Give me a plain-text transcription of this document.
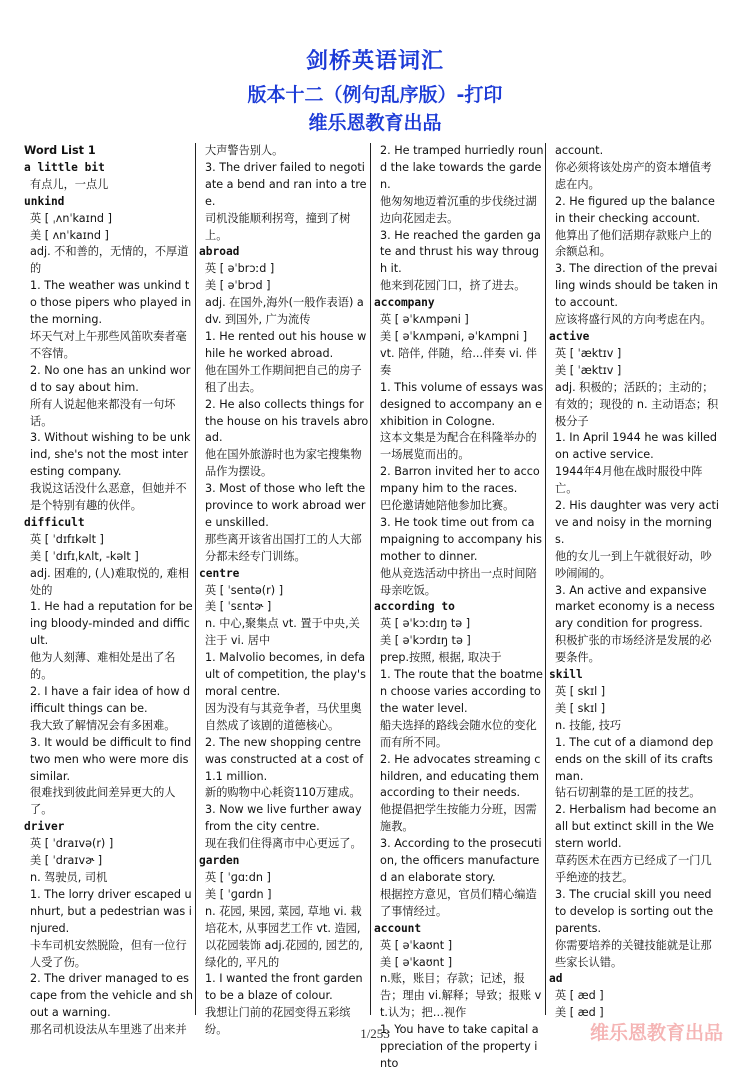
剑桥英语词汇
版本十二（例句乱序版）-打印
维乐恩教育出品
Word List 1
a little bit
有点儿，一点儿
unkind
英 [ ˌʌnˈkaɪnd ]
美 [ ʌnˈkaɪnd ]
adj. 不和善的，无情的，不厚道的
1. The weather was unkind to those pipers who played in the morning.
坏天气对上午那些风笛吹奏者毫不容情。
2. No one has an unkind word to say about him.
所有人说起他来都没有一句坏话。
3. Without wishing to be unkind, she's not the most interesting company.
我说这话没什么恶意，但她并不是个特别有趣的伙伴。
difficult
英 [ ˈdɪfɪkəlt ]
美 [ ˈdɪfɪˌkʌlt, -kəlt ]
adj. 困难的, (人)难取悦的, 难相处的
1. He had a reputation for being bloody-minded and difficult.
他为人刻薄、难相处是出了名的。
2. I have a fair idea of how difficult things can be.
我大致了解情况会有多困难。
3. It would be difficult to find two men who were more dissimilar.
很难找到彼此间差异更大的人了。
driver
英 [ ˈdraɪvə(r) ]
美 [ ˈdraɪvɚ ]
n. 驾驶员, 司机
1. The lorry driver escaped unhurt, but a pedestrian was injured.
卡车司机安然脱险，但有一位行人受了伤。
2. The driver managed to escape from the vehicle and shout a warning.
那名司机设法从车里逃了出来并
大声警告别人。
3. The driver failed to negotiate a bend and ran into a tree.
司机没能顺利拐弯，撞到了树上。
abroad
英 [ əˈbrɔːd ]
美 [ əˈbrɔd ]
adj. 在国外,海外(一般作表语) adv. 到国外, 广为流传
1. He rented out his house while he worked abroad.
他在国外工作期间把自己的房子租了出去。
2. He also collects things for the house on his travels abroad.
他在国外旅游时也为家宅搜集物品作为摆设。
3. Most of those who left the province to work abroad were unskilled.
那些离开该省出国打工的人大部分都未经专门训练。
centre
英 [ ˈsentə(r) ]
美 [ ˈsɛntɚ ]
n. 中心,聚集点 vt. 置于中央,关注于 vi. 居中
1. Malvolio becomes, in default of competition, the play's moral centre.
因为没有与其竞争者，马伏里奥自然成了该剧的道德核心。
2. The new shopping centre was constructed at a cost of 1.1 million.
新的购物中心耗资110万建成。
3. Now we live further away from the city centre.
现在我们住得离市中心更远了。
garden
英 [ ˈɡɑːdn ]
美 [ ˈɡɑrdn ]
n. 花园, 果园, 菜园, 草地 vi. 栽培花木, 从事园艺工作 vt. 造园, 以花园装饰 adj.花园的, 园艺的, 绿化的, 平凡的
1. I wanted the front garden to be a blaze of colour.
我想让门前的花园变得五彩缤纷。
2. He tramped hurriedly round the lake towards the garden.
他匆匆地迈着沉重的步伐绕过湖边向花园走去。
3. He reached the garden gate and thrust his way through it.
他来到花园门口，挤了进去。
accompany
英 [ əˈkʌmpəni ]
美 [ əˈkʌmpəni, əˈkʌmpni ]
vt. 陪伴, 伴随，给...伴奏 vi. 伴奏
1. This volume of essays was designed to accompany an exhibition in Cologne.
这本文集是为配合在科隆举办的一场展览而出的。
2. Barron invited her to accompany him to the races.
巴伦邀请她陪他参加比赛。
3. He took time out from campaigning to accompany his mother to dinner.
他从竞选活动中挤出一点时间陪母亲吃饭。
according to
英 [ əˈkɔːdɪŋ tə ]
美 [ əˈkɔrdɪŋ tə ]
prep.按照, 根据, 取决于
1. The route that the boatmen choose varies according to the water level.
船夫选择的路线会随水位的变化而有所不同。
2. He advocates streaming children, and educating them according to their needs.
他提倡把学生按能力分班，因需施教。
3. According to the prosecution, the officers manufactured an elaborate story.
根据控方意见，官员们精心编造了事情经过。
account
英 [ əˈkaʊnt ]
美 [ əˈkaʊnt ]
n.账，账目；存款；记述，报告；理由 vi.解释；导致；报账 vt.认为；把…视作
1. You have to take capital appreciation of the property into
account.
你必须将该处房产的资本增值考虑在内。
2. He figured up the balance in their checking account.
他算出了他们活期存款账户上的余额总和。
3. The direction of the prevailing winds should be taken into account.
应该将盛行风的方向考虑在内。
active
英 [ ˈæktɪv ]
美 [ ˈæktɪv ]
adj. 积极的；活跃的；主动的；有效的；现役的 n. 主动语态；积极分子
1. In April 1944 he was killed on active service.
1944年4月他在战时服役中阵亡。
2. His daughter was very active and noisy in the mornings.
他的女儿一到上午就很好动，吵吵闹闹的。
3. An active and expansive market economy is a necessary condition for progress.
积极扩张的市场经济是发展的必要条件。
skill
英 [ skɪl ]
美 [ skɪl ]
n. 技能, 技巧
1. The cut of a diamond depends on the skill of its craftsman.
钻石切割靠的是工匠的技艺。
2. Herbalism had become an all but extinct skill in the Western world.
草药医术在西方已经成了一门几乎绝迹的技艺。
3. The crucial skill you need to develop is sorting out the parents.
你需要培养的关键技能就是让那些家长认错。
ad
英 [ æd ]
美 [ æd ]
1/253	维乐恩教育出品
